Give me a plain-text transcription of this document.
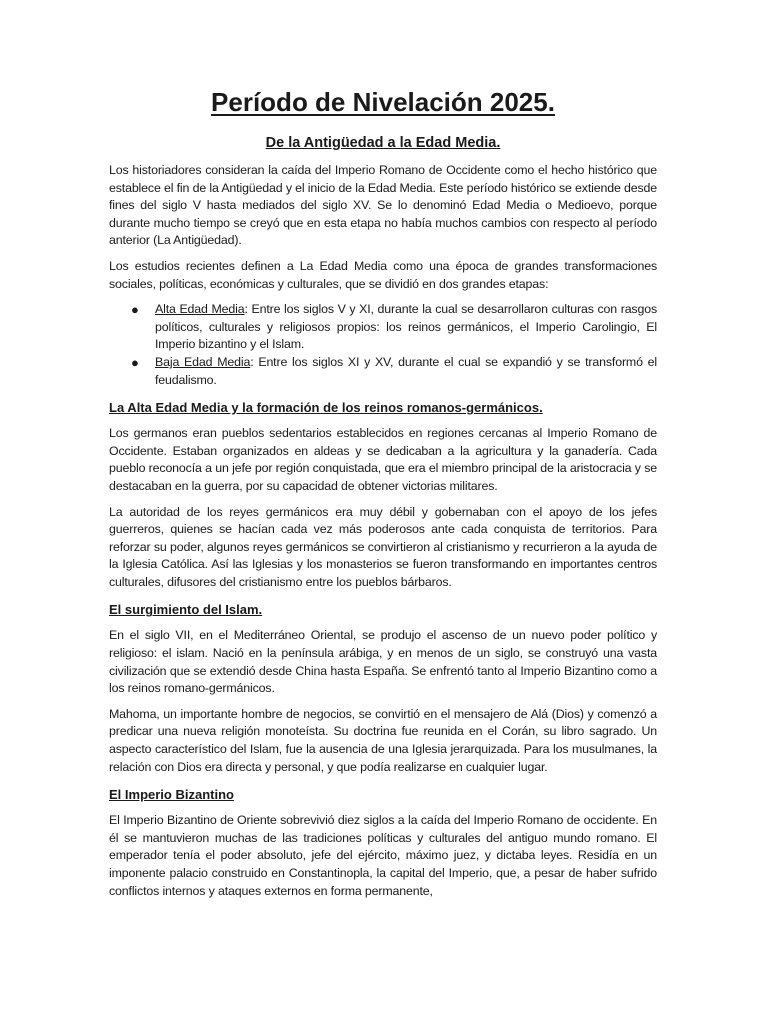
Período de Nivelación 2025.
De la Antigüedad a la Edad Media.

Los historiadores consideran la caída del Imperio Romano de Occidente como el hecho histórico que establece el fin de la Antigüedad y el inicio de la Edad Media. Este período histórico se extiende desde fines del siglo V hasta mediados del siglo XV. Se lo denominó Edad Media o Medioevo, porque durante mucho tiempo se creyó que en esta etapa no había muchos cambios con respecto al período anterior (La Antigüedad).

Los estudios recientes definen a La Edad Media como una época de grandes transformaciones sociales, políticas, económicas y culturales, que se dividió en dos grandes etapas:

● Alta Edad Media: Entre los siglos V y XI, durante la cual se desarrollaron culturas con rasgos políticos, culturales y religiosos propios: los reinos germánicos, el Imperio Carolingio, El Imperio bizantino y el Islam.
● Baja Edad Media: Entre los siglos XI y XV, durante el cual se expandió y se transformó el feudalismo.
La Alta Edad Media y la formación de los reinos romanos-germánicos.

Los germanos eran pueblos sedentarios establecidos en regiones cercanas al Imperio Romano de Occidente. Estaban organizados en aldeas y se dedicaban a la agricultura y la ganadería. Cada pueblo reconocía a un jefe por región conquistada, que era el miembro principal de la aristocracia y se destacaban en la guerra, por su capacidad de obtener victorias militares.

La autoridad de los reyes germánicos era muy débil y gobernaban con el apoyo de los jefes guerreros, quienes se hacían cada vez más poderosos ante cada conquista de territorios. Para reforzar su poder, algunos reyes germánicos se convirtieron al cristianismo y recurrieron a la ayuda de la Iglesia Católica. Así las Iglesias y los monasterios se fueron transformando en importantes centros culturales, difusores del cristianismo entre los pueblos bárbaros.

El surgimiento del Islam.

En el siglo VII, en el Mediterráneo Oriental, se produjo el ascenso de un nuevo poder político y religioso: el islam. Nació en la península arábiga, y en menos de un siglo, se construyó una vasta civilización que se extendió desde China hasta España. Se enfrentó tanto al Imperio Bizantino como a los reinos romano-germánicos.

Mahoma, un importante hombre de negocios, se convirtió en el mensajero de Alá (Dios) y comenzó a predicar una nueva religión monoteísta. Su doctrina fue reunida en el Corán, su libro sagrado. Un aspecto característico del Islam, fue la ausencia de una Iglesia jerarquizada. Para los musulmanes, la relación con Dios era directa y personal, y que podía realizarse en cualquier lugar.

El Imperio Bizantino

El Imperio Bizantino de Oriente sobrevivió diez siglos a la caída del Imperio Romano de occidente. En él se mantuvieron muchas de las tradiciones políticas y culturales del antiguo mundo romano. El emperador tenía el poder absoluto, jefe del ejército, máximo juez, y dictaba leyes. Residía en un imponente palacio construido en Constantinopla, la capital del Imperio, que, a pesar de haber sufrido conflictos internos y ataques externos en forma permanente,
